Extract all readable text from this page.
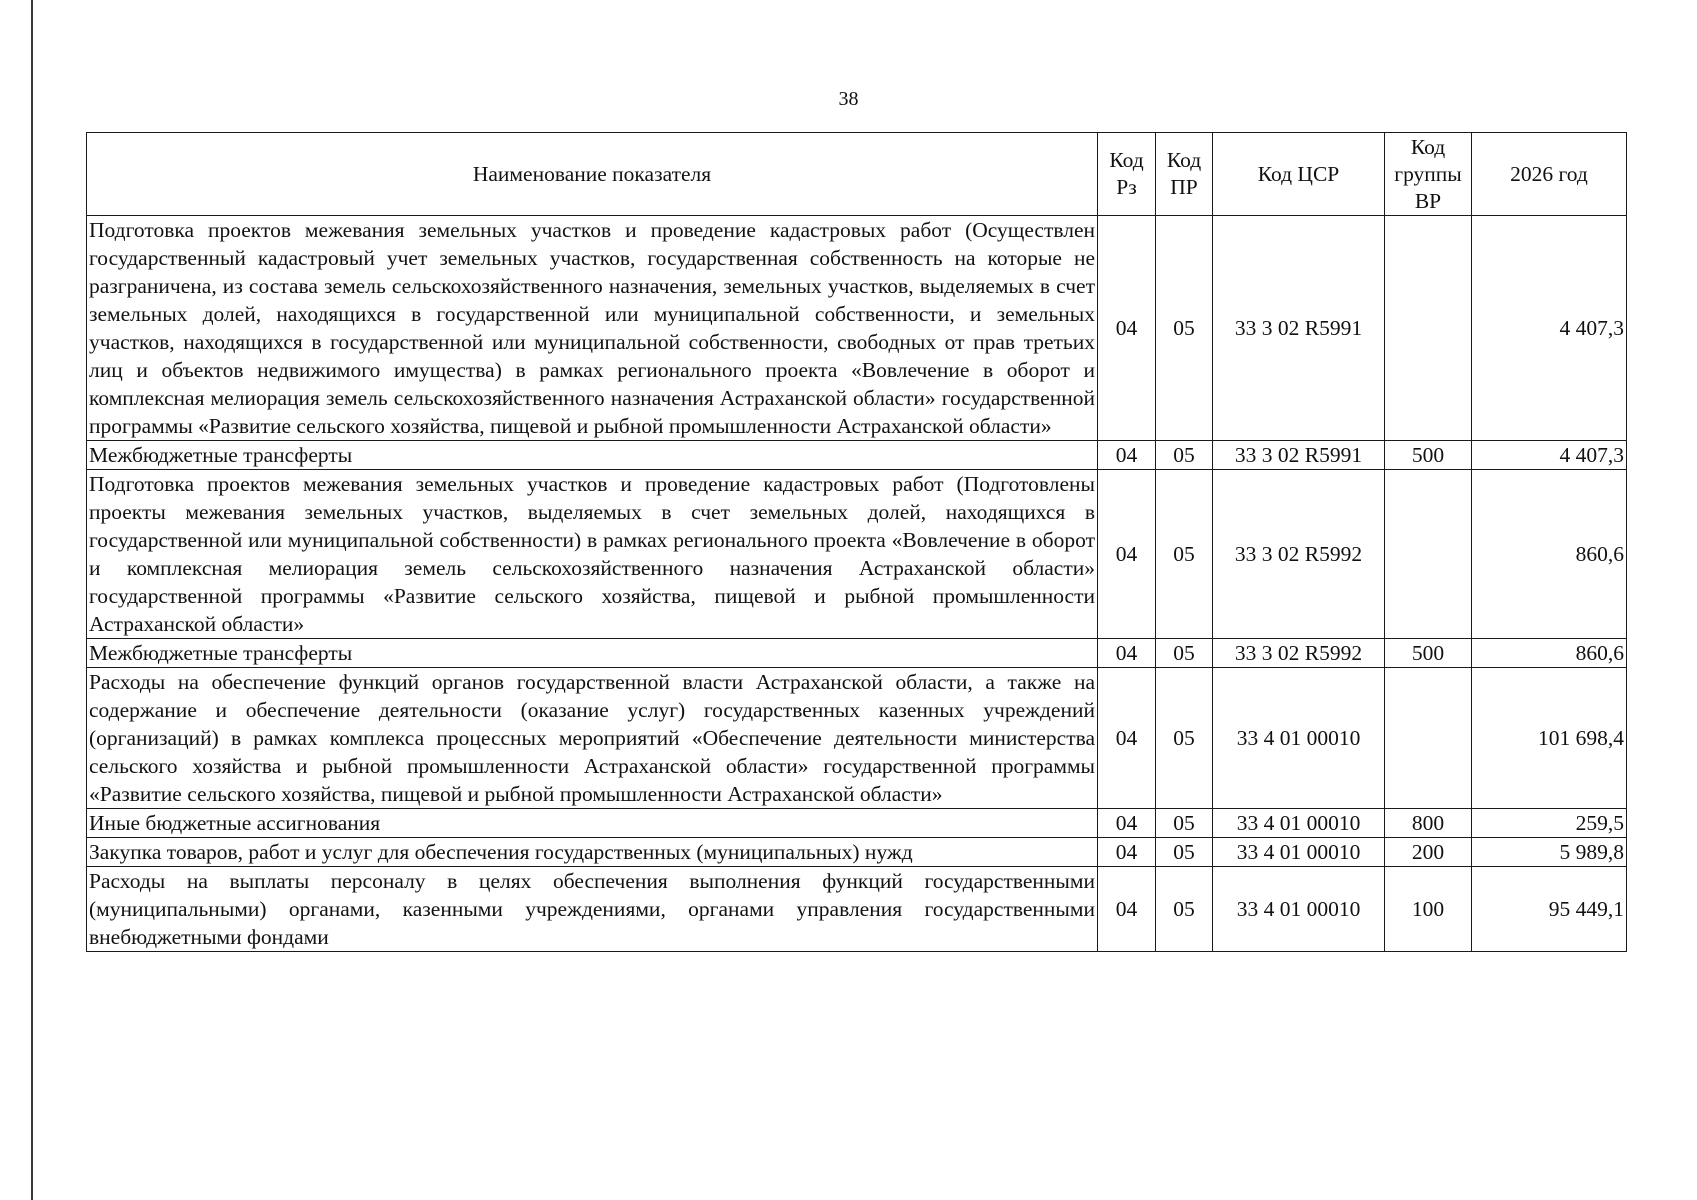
38
Наименование показателя	Код Рз	Код ПР	Код ЦСР	Код группы ВР	2026 год
Подготовка проектов межевания земельных участков и проведение кадастровых работ (Осуществлен государственный кадастровый учет земельных участков, государственная собственность на которые не разграничена, из состава земель сельскохозяйственного назначения, земельных участков, выделяемых в счет земельных долей, находящихся в государственной или муниципальной собственности, и земельных участков, находящихся в государственной или муниципальной собственности, свободных от прав третьих лиц и объектов недвижимого имущества) в рамках регионального проекта «Вовлечение в оборот и комплексная мелиорация земель сельскохозяйственного назначения Астраханской области» государственной программы «Развитие сельского хозяйства, пищевой и рыбной промышленности Астраханской области»	04	05	33 3 02 R5991		4 407,3
Межбюджетные трансферты	04	05	33 3 02 R5991	500	4 407,3
Подготовка проектов межевания земельных участков и проведение кадастровых работ (Подготовлены проекты межевания земельных участков, выделяемых в счет земельных долей, находящихся в государственной или муниципальной собственности) в рамках регионального проекта «Вовлечение в оборот и комплексная мелиорация земель сельскохозяйственного назначения Астраханской области» государственной программы «Развитие сельского хозяйства, пищевой и рыбной промышленности Астраханской области»	04	05	33 3 02 R5992		860,6
Межбюджетные трансферты	04	05	33 3 02 R5992	500	860,6
Расходы на обеспечение функций органов государственной власти Астраханской области, а также на содержание и обеспечение деятельности (оказание услуг) государственных казенных учреждений (организаций) в рамках комплекса процессных мероприятий «Обеспечение деятельности министерства сельского хозяйства и рыбной промышленности Астраханской области» государственной программы «Развитие сельского хозяйства, пищевой и рыбной промышленности Астраханской области»	04	05	33 4 01 00010		101 698,4
Иные бюджетные ассигнования	04	05	33 4 01 00010	800	259,5
Закупка товаров, работ и услуг для обеспечения государственных (муниципальных) нужд	04	05	33 4 01 00010	200	5 989,8
Расходы на выплаты персоналу в целях обеспечения выполнения функций государственными (муниципальными) органами, казенными учреждениями, органами управления государственными внебюджетными фондами	04	05	33 4 01 00010	100	95 449,1
